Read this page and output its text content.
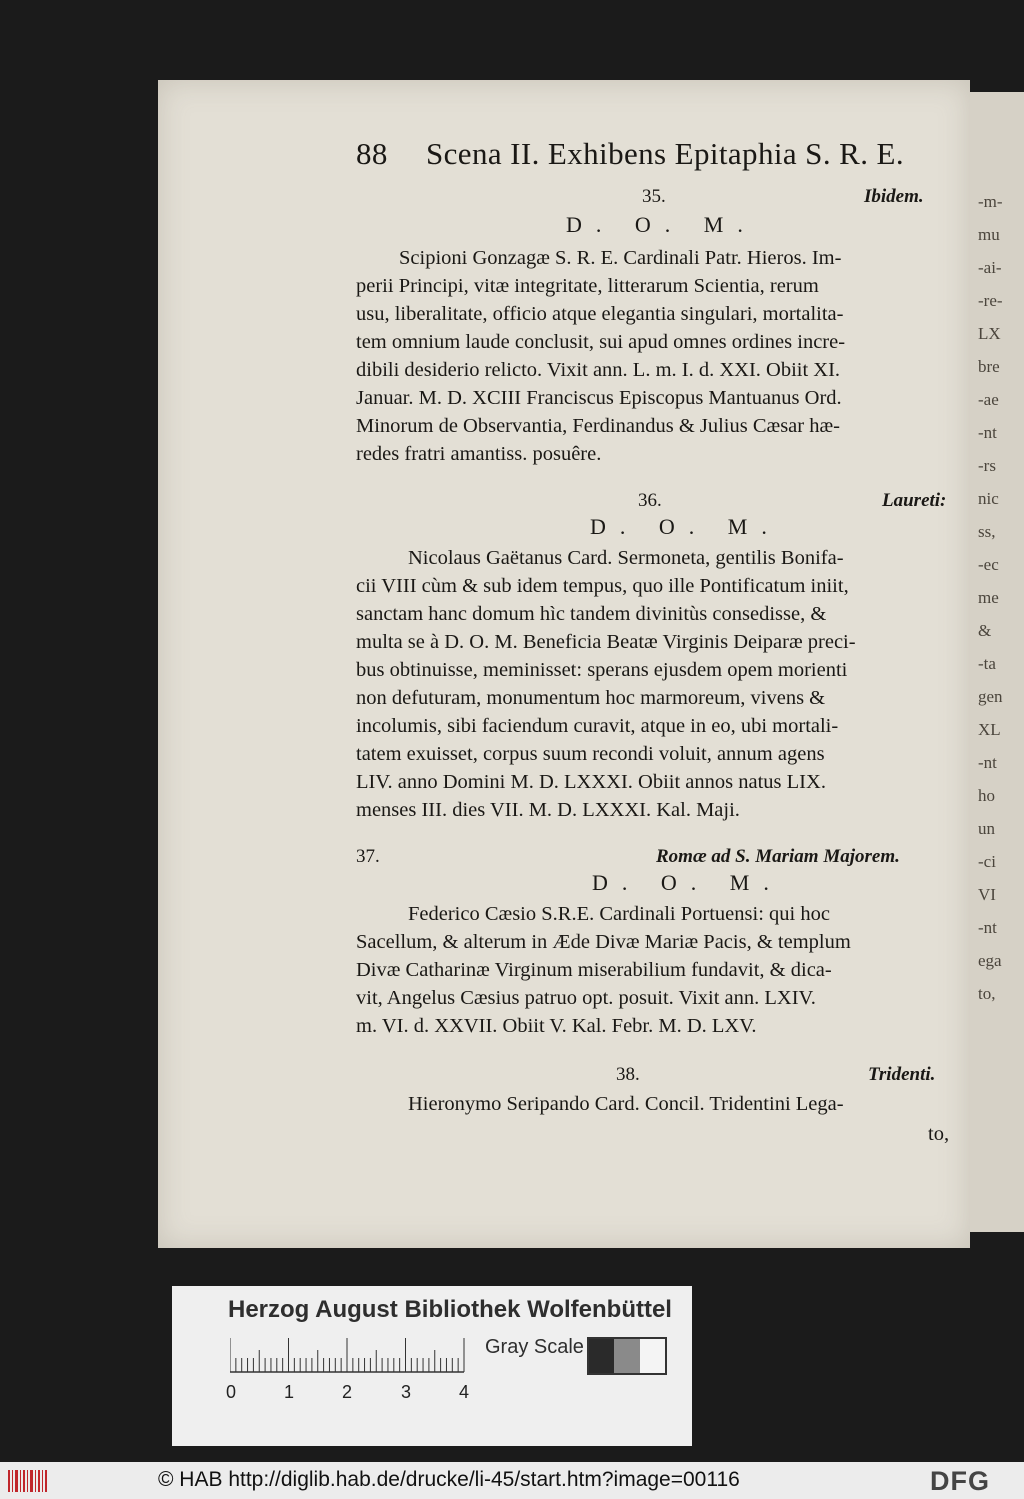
-m-
mu
-ai-
-re-
LX
bre
-ae
-nt
-rs
nic
ss,
-ec
me
&
-ta
gen
XL
-nt
ho
un
-ci
VI
-nt
ega
to,
88 Scena II. Exhibens Epitaphia S. R. E.
35.	Ibidem.
D. O. M.
Scipioni Gonzagæ S. R. E. Cardinali Patr. Hieros. Im-
perii Principi, vitæ integritate, litterarum Scientia, rerum
usu, liberalitate, officio atque elegantia singulari, mortalita-
tem omnium laude conclusit, sui apud omnes ordines incre-
dibili desiderio relicto. Vixit ann. L. m. I. d. XXI. Obiit XI.
Januar. M. D. XCIII Franciscus Episcopus Mantuanus Ord.
Minorum de Observantia, Ferdinandus & Julius Cæsar hæ-
redes fratri amantiss. posuêre.
36.	Laureti:
D. O. M.
Nicolaus Gaëtanus Card. Sermoneta, gentilis Bonifa-
cii VIII cùm & sub idem tempus, quo ille Pontificatum iniit,
sanctam hanc domum hìc tandem divinitùs consedisse, &
multa se à D. O. M. Beneficia Beatæ Virginis Deiparæ preci-
bus obtinuisse, meminisset: sperans ejusdem opem morienti
non defuturam, monumentum hoc marmoreum, vivens &
incolumis, sibi faciendum curavit, atque in eo, ubi mortali-
tatem exuisset, corpus suum recondi voluit, annum agens
LIV. anno Domini M. D. LXXXI. Obiit annos natus LIX.
menses III. dies VII. M. D. LXXXI. Kal. Maji.
37.	Romæ ad S. Mariam Majorem.
D. O. M.
Federico Cæsio S.R.E. Cardinali Portuensi: qui hoc
Sacellum, & alterum in Æde Divæ Mariæ Pacis, & templum
Divæ Catharinæ Virginum miserabilium fundavit, & dica-
vit, Angelus Cæsius patruo opt. posuit. Vixit ann. LXIV.
m. VI. d. XXVII. Obiit V. Kal. Febr. M. D. LXV.
38.	Tridenti.
Hieronymo Seripando Card. Concil. Tridentini Lega-
to,
Herzog August Bibliothek Wolfenbüttel
Gray Scale
0	1	2	3	4
© HAB http://diglib.hab.de/drucke/li-45/start.htm?image=00116	DFG
